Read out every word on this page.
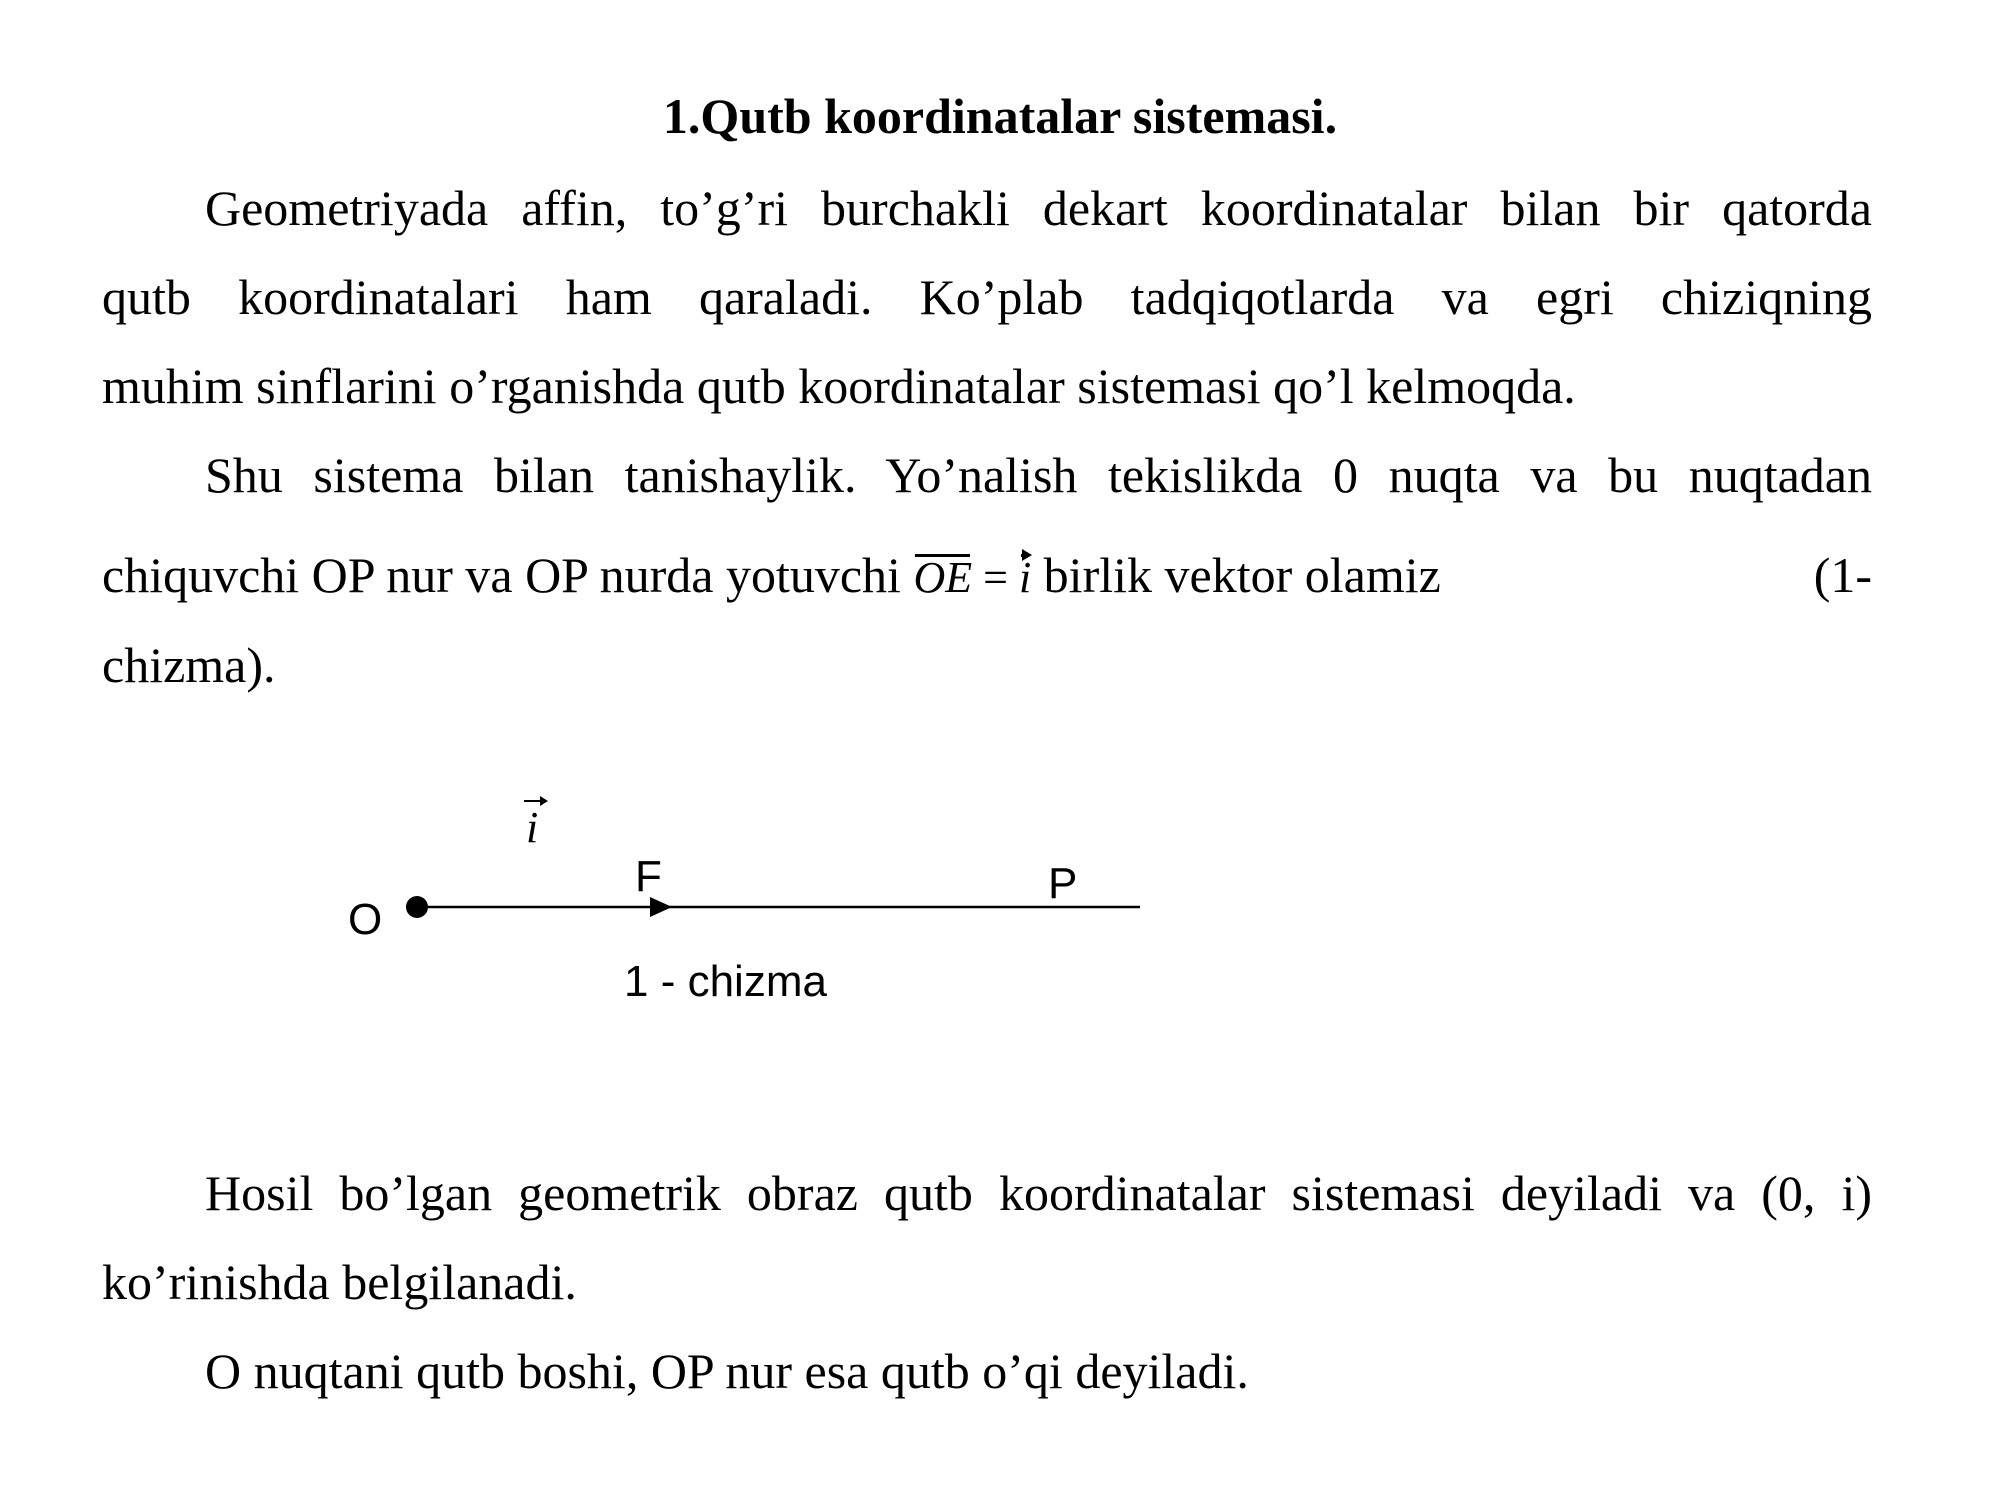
1.Qutb koordinatalar sistemasi.
Geometriyada affin, to’g’ri burchakli dekart koordinatalar bilan bir qatorda
qutb koordinatalari ham qaraladi. Ko’plab tadqiqotlarda va egri chiziqning
muhim sinflarini o’rganishda qutb koordinatalar sistemasi qo’l kelmoqda.
Shu sistema bilan tanishaylik. Yo’nalish tekislikda 0 nuqta va bu nuqtadan
chiquvchi OP nur va OP nurda yotuvchi OE = i birlik vektor olamiz	(1-
chizma).
i
O
F	P
1 - chizma
Hosil bo’lgan geometrik obraz qutb koordinatalar sistemasi deyiladi va (0, i)
ko’rinishda belgilanadi.
O nuqtani qutb boshi, OP nur esa qutb o’qi deyiladi.
